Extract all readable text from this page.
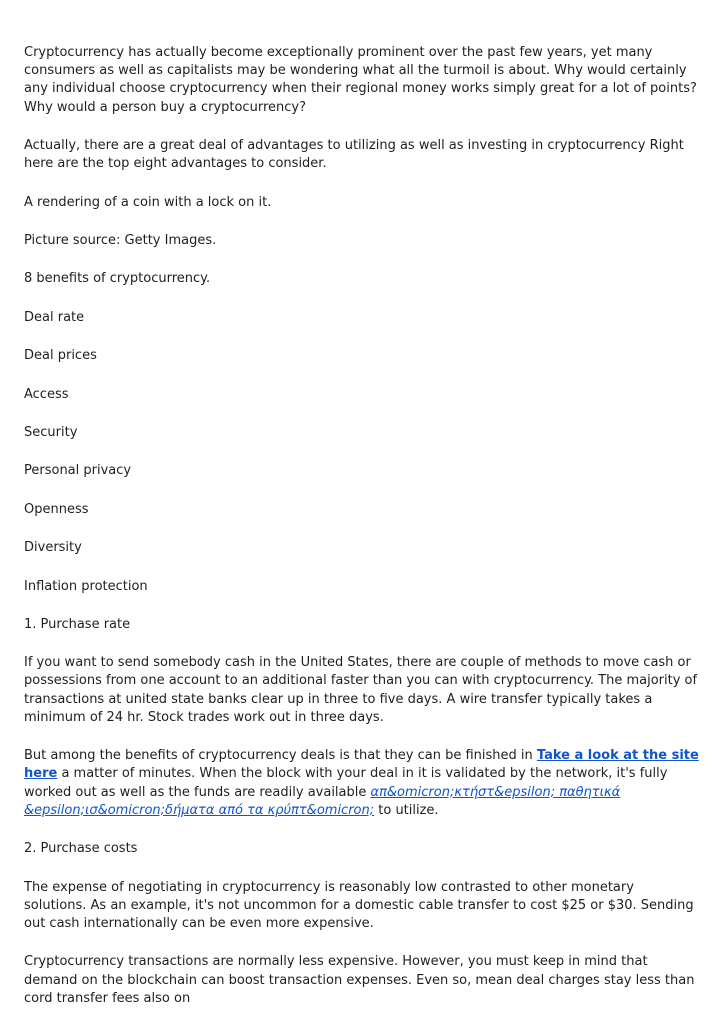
Cryptocurrency has actually become exceptionally prominent over the past few years, yet many consumers as well as capitalists may be wondering what all the turmoil is about. Why would certainly any individual choose cryptocurrency when their regional money works simply great for a lot of points? Why would a person buy a cryptocurrency?

Actually, there are a great deal of advantages to utilizing as well as investing in cryptocurrency Right here are the top eight advantages to consider.

A rendering of a coin with a lock on it.

Picture source: Getty Images.

8 benefits of cryptocurrency.

Deal rate

Deal prices

Access

Security

Personal privacy

Openness

Diversity

Inflation protection

1. Purchase rate

If you want to send somebody cash in the United States, there are couple of methods to move cash or possessions from one account to an additional faster than you can with cryptocurrency. The majority of transactions at united state banks clear up in three to five days. A wire transfer typically takes a minimum of 24 hr. Stock trades work out in three days.

But among the benefits of cryptocurrency deals is that they can be finished in Take a look at the site here a matter of minutes. When the block with your deal in it is validated by the network, it's fully worked out as well as the funds are readily available απ&omicron;κτήστ&epsilon; παθητικά &epsilon;ισ&omicron;δήματα από τα κρύπτ&omicron; to utilize.

2. Purchase costs

The expense of negotiating in cryptocurrency is reasonably low contrasted to other monetary solutions. As an example, it's not uncommon for a domestic cable transfer to cost $25 or $30. Sending out cash internationally can be even more expensive.

Cryptocurrency transactions are normally less expensive. However, you must keep in mind that demand on the blockchain can boost transaction expenses. Even so, mean deal charges stay less than cord transfer fees also on
